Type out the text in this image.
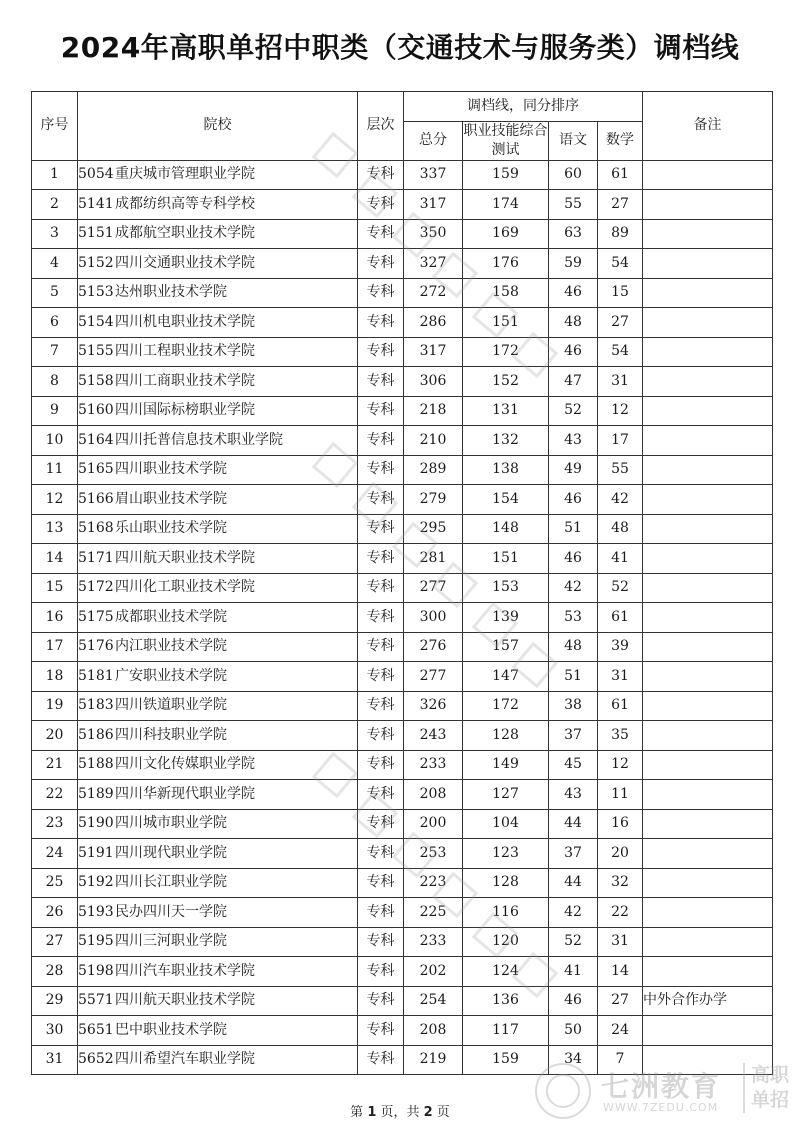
2024年高职单招中职类（交通技术与服务类）调档线
序号	院校	层次	调档线，同分排序				备注
			总分	职业技能综合测试	语文	数学	
1	5054重庆城市管理职业学院	专科	337	159	60	61	
2	5141成都纺织高等专科学校	专科	317	174	55	27	
3	5151成都航空职业技术学院	专科	350	169	63	89	
4	5152四川交通职业技术学院	专科	327	176	59	54	
5	5153达州职业技术学院	专科	272	158	46	15	
6	5154四川机电职业技术学院	专科	286	151	48	27	
7	5155四川工程职业技术学院	专科	317	172	46	54	
8	5158四川工商职业技术学院	专科	306	152	47	31	
9	5160四川国际标榜职业学院	专科	218	131	52	12	
10	5164四川托普信息技术职业学院	专科	210	132	43	17	
11	5165四川职业技术学院	专科	289	138	49	55	
12	5166眉山职业技术学院	专科	279	154	46	42	
13	5168乐山职业技术学院	专科	295	148	51	48	
14	5171四川航天职业技术学院	专科	281	151	46	41	
15	5172四川化工职业技术学院	专科	277	153	42	52	
16	5175成都职业技术学院	专科	300	139	53	61	
17	5176内江职业技术学院	专科	276	157	48	39	
18	5181广安职业技术学院	专科	277	147	51	31	
19	5183四川铁道职业学院	专科	326	172	38	61	
20	5186四川科技职业学院	专科	243	128	37	35	
21	5188四川文化传媒职业学院	专科	233	149	45	12	
22	5189四川华新现代职业学院	专科	208	127	43	11	
23	5190四川城市职业学院	专科	200	104	44	16	
24	5191四川现代职业学院	专科	253	123	37	20	
25	5192四川长江职业学院	专科	223	128	44	32	
26	5193民办四川天一学院	专科	225	116	42	22	
27	5195四川三河职业学院	专科	233	120	52	31	
28	5198四川汽车职业技术学院	专科	202	124	41	14	
29	5571四川航天职业技术学院	专科	254	136	46	27	中外合作办学
30	5651巴中职业技术学院	专科	208	117	50	24	
31	5652四川希望汽车职业学院	专科	219	159	34	7	
第 1 页，共 2 页
七洲教育
WWW.7ZEDU.COM
高职单招
